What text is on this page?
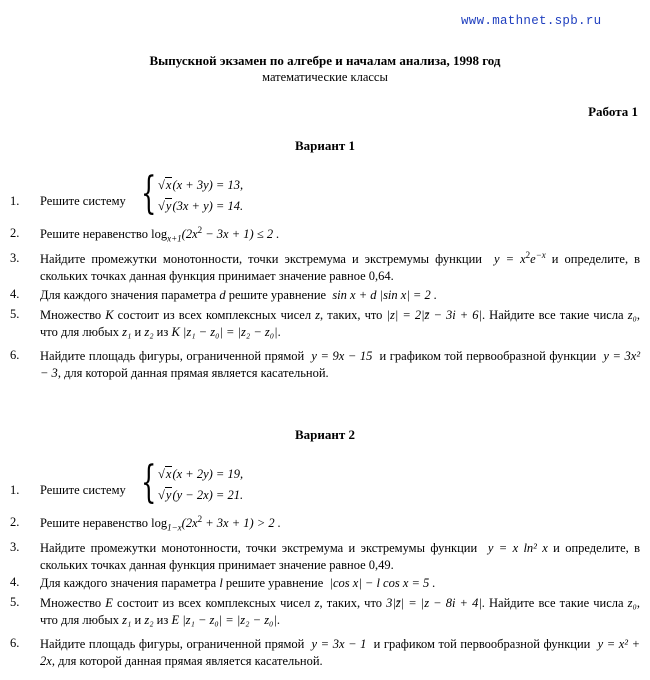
www.mathnet.spb.ru
Выпускной экзамен по алгебре и началам анализа, 1998 год
математические классы
Работа 1
Вариант 1
1. Решите систему { √x(x + 3y) = 13,
√y(3x + y) = 14.
2. Решите неравенство $\log_{x+1}(2x^2 - 3x + 1) \le 2$ .
3. Найдите промежутки монотонности, точки экстремума и экстремумы функции $y = x^2e^{-x}$ и определите, в скольких точках данная функция принимает значение равное 0,64.
4. Для каждого значения параметра d решите уравнение sin x + d |sin x| = 2 .
5. Множество K состоит из всех комплексных чисел z, таких, что |z| = 2|z̄ − 3i + 6|. Найдите все такие числа z₀, что для любых z₁ и z₂ из K |z₁ − z₀| = |z₂ − z₀|.
6. Найдите площадь фигуры, ограниченной прямой y = 9x − 15 и графиком той первообразной функции y = 3x² − 3, для которой данная прямая является касательной.
Вариант 2
1. Решите систему { √x(x + 2y) = 19,
√y(y − 2x) = 21.
2. Решите неравенство $\log_{1-x}(2x^2 + 3x + 1) > 2$ .
3. Найдите промежутки монотонности, точки экстремума и экстремумы функции y = x ln² x и определите, в скольких точках данная функция принимает значение равное 0,49.
4. Для каждого значения параметра l решите уравнение |cos x| − l cos x = 5 .
5. Множество E состоит из всех комплексных чисел z, таких, что 3|z̄| = |z − 8i + 4|. Найдите все такие числа z₀, что для любых z₁ и z₂ из E |z₁ − z₀| = |z₂ − z₀|.
6. Найдите площадь фигуры, ограниченной прямой y = 3x − 1 и графиком той первообразной функции y = x² + 2x, для которой данная прямая является касательной.
